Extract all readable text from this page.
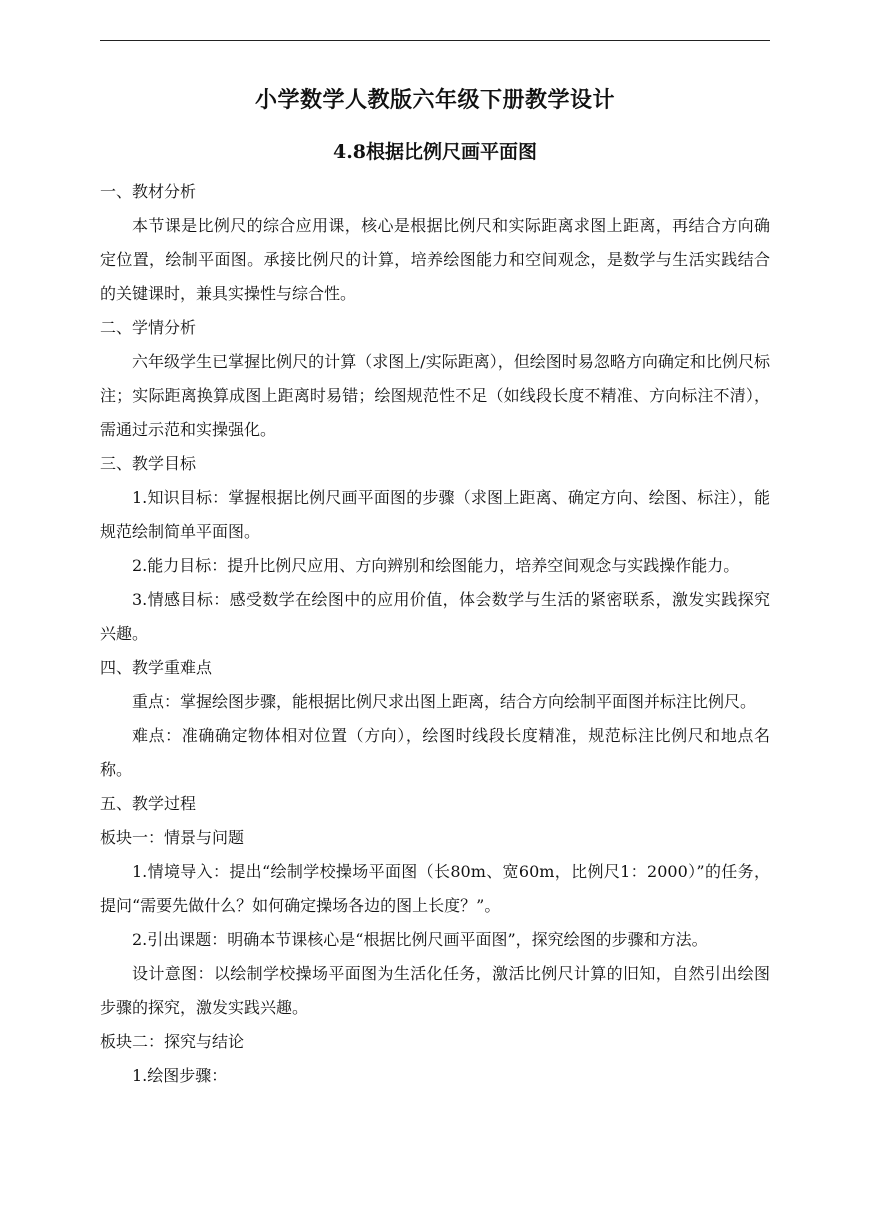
小学数学人教版六年级下册教学设计
4.8根据比例尺画平面图

一、教材分析

本节课是比例尺的综合应用课，核心是根据比例尺和实际距离求图上距离，再结合方向确定位置，绘制平面图。承接比例尺的计算，培养绘图能力和空间观念，是数学与生活实践结合的关键课时，兼具实操性与综合性。

二、学情分析

六年级学生已掌握比例尺的计算（求图上/实际距离），但绘图时易忽略方向确定和比例尺标注；实际距离换算成图上距离时易错；绘图规范性不足（如线段长度不精准、方向标注不清），需通过示范和实操强化。

三、教学目标

1.知识目标：掌握根据比例尺画平面图的步骤（求图上距离、确定方向、绘图、标注），能规范绘制简单平面图。

2.能力目标：提升比例尺应用、方向辨别和绘图能力，培养空间观念与实践操作能力。

3.情感目标：感受数学在绘图中的应用价值，体会数学与生活的紧密联系，激发实践探究兴趣。

四、教学重难点

重点：掌握绘图步骤，能根据比例尺求出图上距离，结合方向绘制平面图并标注比例尺。

难点：准确确定物体相对位置（方向），绘图时线段长度精准，规范标注比例尺和地点名称。

五、教学过程

板块一：情景与问题

1.情境导入：提出“绘制学校操场平面图（长80m、宽60m，比例尺1：2000）”的任务，提问“需要先做什么？如何确定操场各边的图上长度？”。

2.引出课题：明确本节课核心是“根据比例尺画平面图”，探究绘图的步骤和方法。

设计意图：以绘制学校操场平面图为生活化任务，激活比例尺计算的旧知，自然引出绘图步骤的探究，激发实践兴趣。

板块二：探究与结论

1.绘图步骤：
